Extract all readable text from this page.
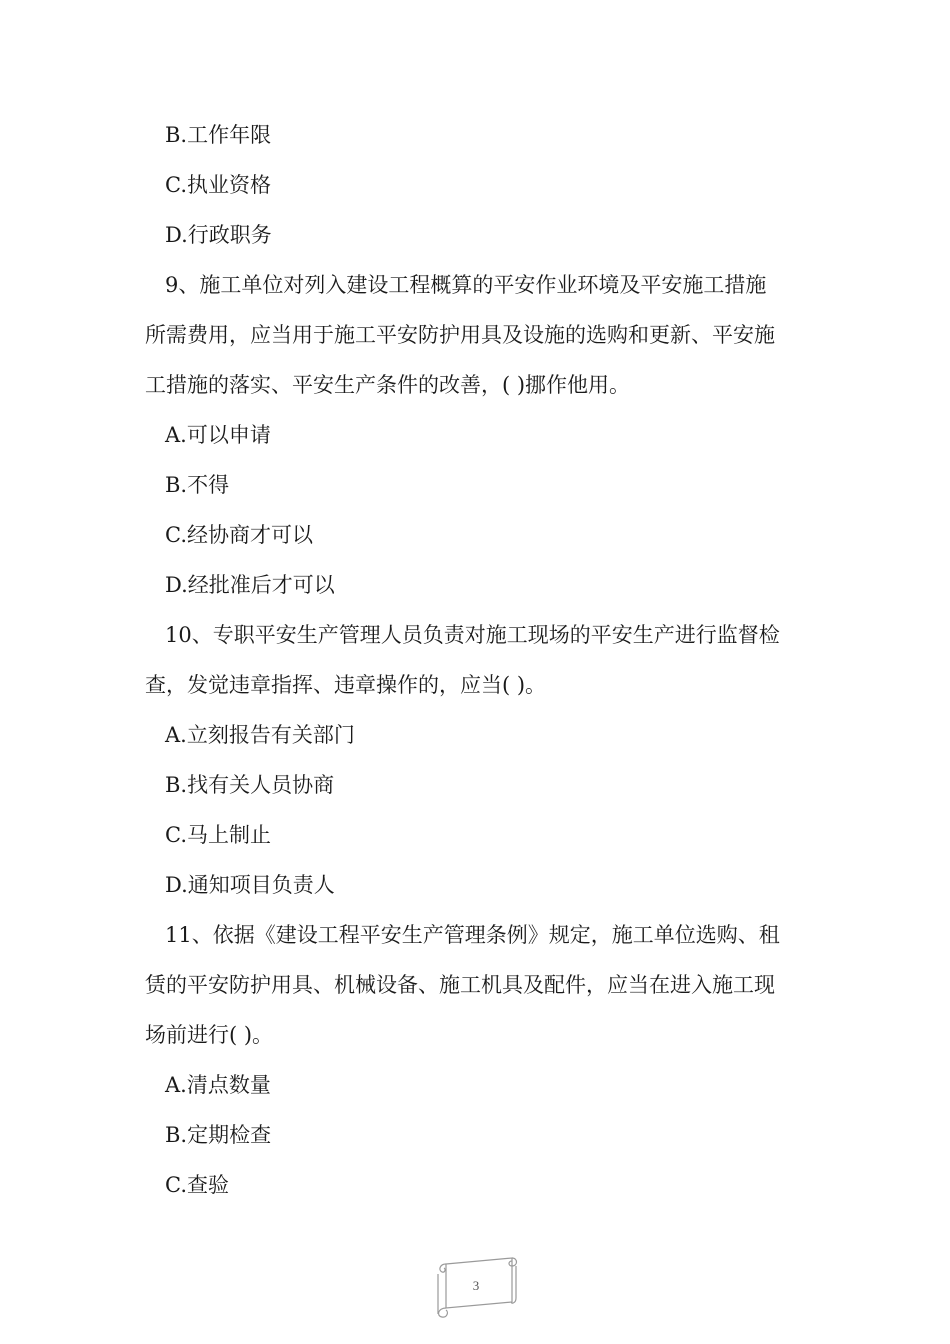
B.工作年限
C.执业资格
D.行政职务
9、施工单位对列入建设工程概算的平安作业环境及平安施工措施
所需费用，应当用于施工平安防护用具及设施的选购和更新、平安施
工措施的落实、平安生产条件的改善，( )挪作他用。
A.可以申请
B.不得
C.经协商才可以
D.经批准后才可以
10、专职平安生产管理人员负责对施工现场的平安生产进行监督检
查，发觉违章指挥、违章操作的，应当( )。
A.立刻报告有关部门
B.找有关人员协商
C.马上制止
D.通知项目负责人
11、依据《建设工程平安生产管理条例》规定，施工单位选购、租
赁的平安防护用具、机械设备、施工机具及配件，应当在进入施工现
场前进行( )。
A.清点数量
B.定期检查
C.查验
3
